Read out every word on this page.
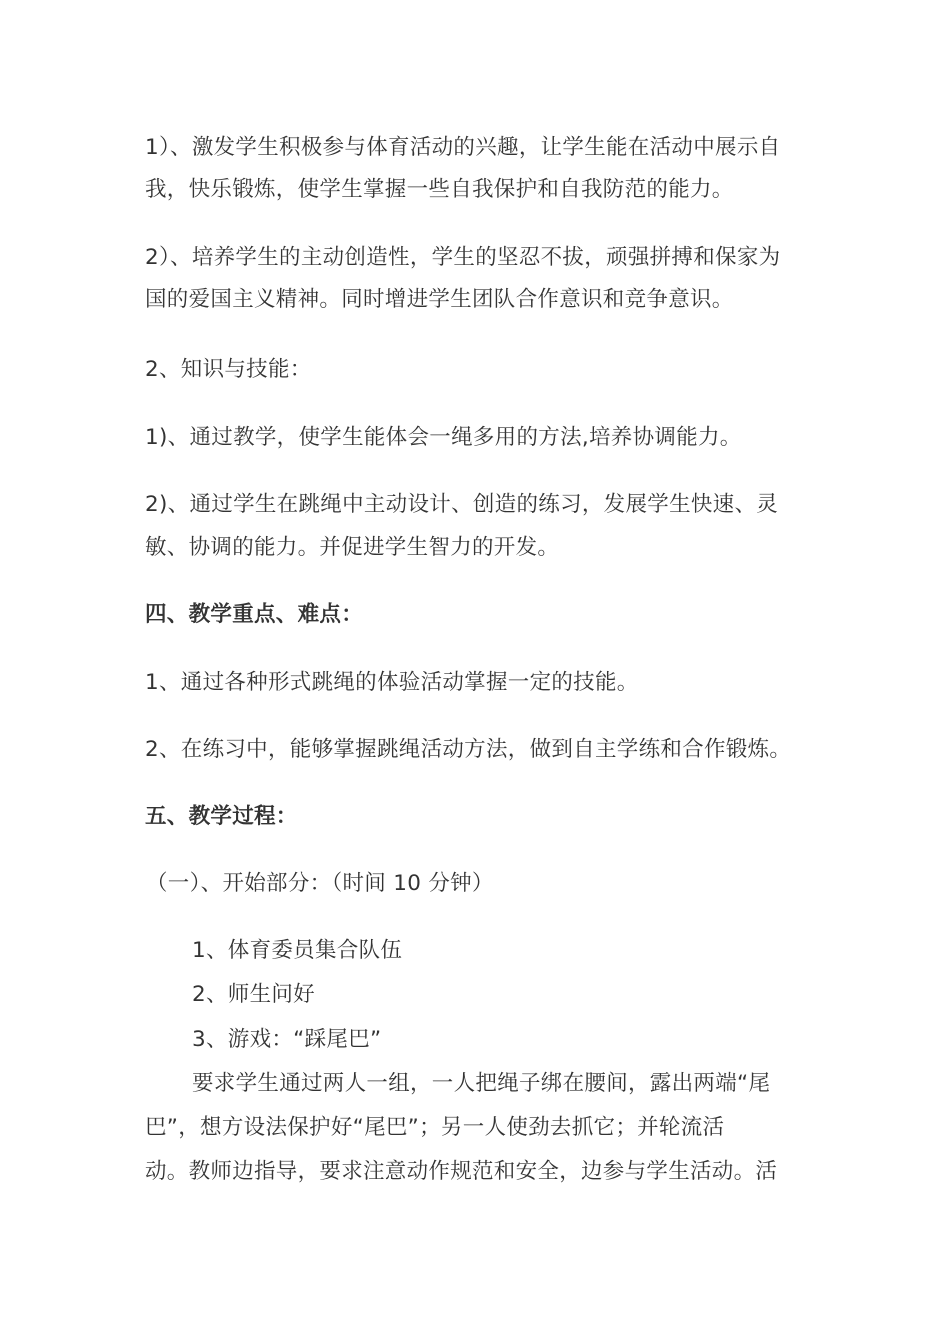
1）、激发学生积极参与体育活动的兴趣，让学生能在活动中展示自
我，快乐锻炼，使学生掌握一些自我保护和自我防范的能力。
2）、培养学生的主动创造性，学生的坚忍不拔，顽强拼搏和保家为
国的爱国主义精神。同时增进学生团队合作意识和竞争意识。
2、知识与技能：
1)、通过教学，使学生能体会一绳多用的方法,培养协调能力。
2)、通过学生在跳绳中主动设计、创造的练习，发展学生快速、灵
敏、协调的能力。并促进学生智力的开发。
四、教学重点、难点：
1、通过各种形式跳绳的体验活动掌握一定的技能。
2、在练习中，能够掌握跳绳活动方法，做到自主学练和合作锻炼。
五、教学过程：
（一）、开始部分：（时间 10 分钟）
1、体育委员集合队伍
2、师生问好
3、游戏：“踩尾巴”
要求学生通过两人一组，一人把绳子绑在腰间，露出两端“尾
巴”，想方设法保护好“尾巴”；另一人使劲去抓它；并轮流活
动。教师边指导，要求注意动作规范和安全，边参与学生活动。活
